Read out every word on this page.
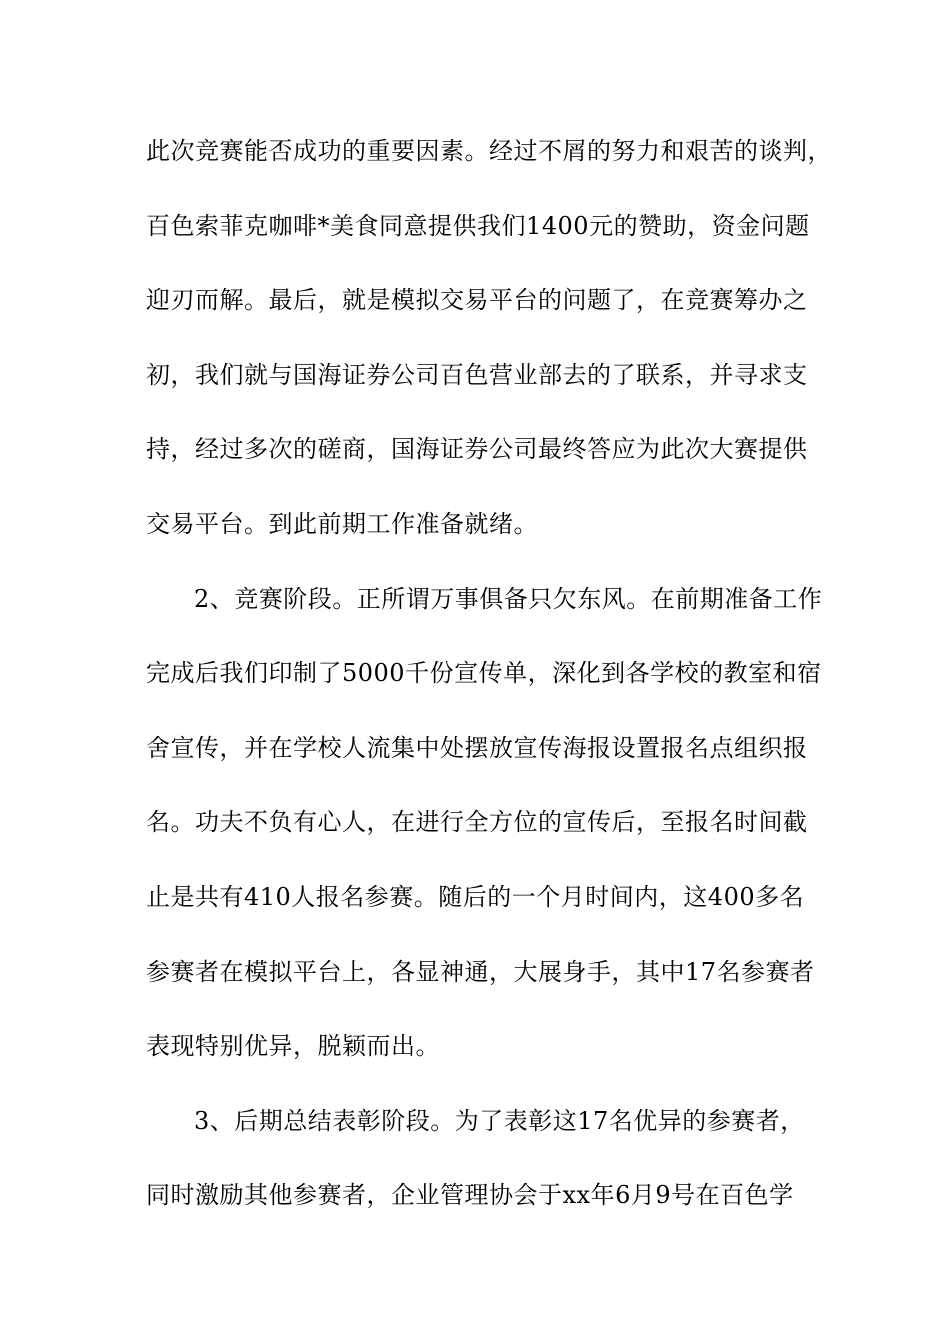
此次竞赛能否成功的重要因素。经过不屑的努力和艰苦的谈判，
百色索菲克咖啡*美食同意提供我们1400元的赞助，资金问题
迎刃而解。最后，就是模拟交易平台的问题了，在竞赛筹办之
初，我们就与国海证券公司百色营业部去的了联系，并寻求支
持，经过多次的磋商，国海证券公司最终答应为此次大赛提供
交易平台。到此前期工作准备就绪。
2、竞赛阶段。正所谓万事俱备只欠东风。在前期准备工作
完成后我们印制了5000千份宣传单，深化到各学校的教室和宿
舍宣传，并在学校人流集中处摆放宣传海报设置报名点组织报
名。功夫不负有心人，在进行全方位的宣传后，至报名时间截
止是共有410人报名参赛。随后的一个月时间内，这400多名
参赛者在模拟平台上，各显神通，大展身手，其中17名参赛者
表现特别优异，脱颖而出。
3、后期总结表彰阶段。为了表彰这17名优异的参赛者，
同时激励其他参赛者，企业管理协会于xx年6月9号在百色学
